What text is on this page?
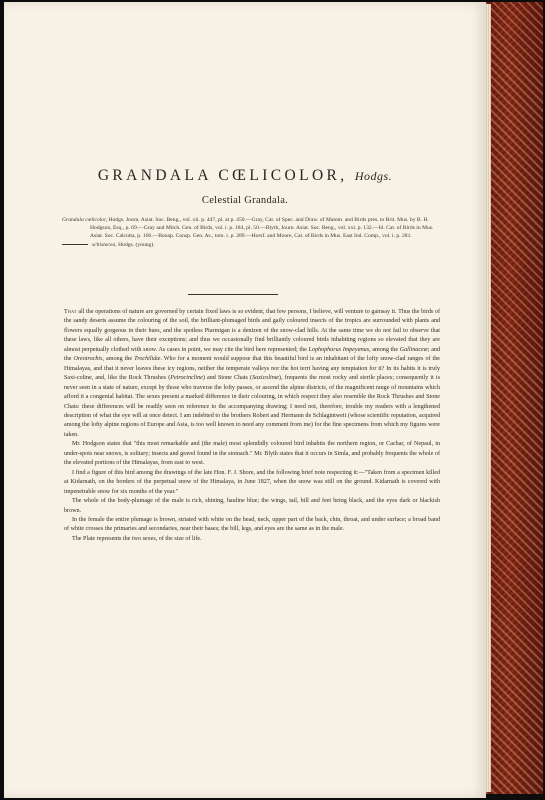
GRANDALA CŒLICOLOR, Hodgs.
Celestial Grandala.

Grandala cœlicolor, Hodgs. Journ. Asiat. Soc. Beng., vol. xii. p. 447, pl. at p. 450.—Gray, Cat. of Spec. and Draw. of Mamm. and Birds pres. to Brit. Mus. by B. H. Hodgson, Esq., p. 69.—Gray and Mitch. Gen. of Birds, vol. i. p. 184, pl. 50.—Blyth, Journ. Asiat. Soc. Beng., vol. xxi. p. 132.—Id. Cat. of Birds in Mus. Asiat. Soc. Calcutta, p. 166.—Bonap. Consp. Gen. Av., tom. i. p. 289.—Horsf. and Moore, Cat. of Birds in Mus. East Ind. Comp., vol. i. p. 281.

schistacea, Hodgs. (young).

That all the operations of nature are governed by certain fixed laws is so evident, that few persons, I believe, will venture to gainsay it. Thus the birds of the sandy deserts assume the colouring of the soil, the brilliant-plumaged birds and gaily coloured insects of the tropics are surrounded with plants and flowers equally gorgeous in their hues, and the spotless Ptarmigan is a denizen of the snow-clad hills. At the same time we do not fail to observe that these laws, like all others, have their exceptions; and thus we occasionally find brilliantly coloured birds inhabiting regions so elevated that they are almost perpetually clothed with snow. As cases in point, we may cite the bird here represented; the Lophophorus Impeyanus, among the Gallinaceæ; and the Oreotrochis, among the Trochilidæ. Who for a moment would suppose that this beautiful bird is an inhabitant of the lofty snow-clad ranges of the Himalayas, and that it never leaves these icy regions, neither the temperate valleys nor the hot terri having any temptation for it? In its habits it is truly Saxi-coline, and, like the Rock Thrushes (Petrocincline) and Stone Chats (Saxicolinæ), frequents the most rocky and sterile places; consequently it is never seen in a state of nature, except by those who traverse the lofty passes, or ascend the alpine districts, of the magnificent range of mountains which afford it a congenial habitat. The sexes present a marked difference in their colouring, in which respect they also resemble the Rock Thrushes and Stone Chats: these differences will be readily seen on reference to the accompanying drawing; I need not, therefore, trouble my readers with a lengthened description of what the eye will at once detect. I am indebted to the brothers Robert and Hermann de Schlagintweit (whose scientific reputation, acquired among the lofty alpine regions of Europe and Asia, is too well known to need any comment from me) for the fine specimens from which my figures were taken.

Mr. Hodgson states that "this most remarkable and (the male) most splendidly coloured bird inhabits the northern region, or Cachar, of Nepaul, in under-spots near snows, is solitary; insects and gravel found in the stomach." Mr. Blyth states that it occurs in Simla, and probably frequents the whole of the elevated portions of the Himalayas, from east to west.

I find a figure of this bird among the drawings of the late Hon. F. J. Shore, and the following brief note respecting it:—"Taken from a specimen killed at Kidarnath, on the borders of the perpetual snow of the Himalaya, in June 1827, when the snow was still on the ground. Kidarnath is covered with impenetrable snow for six months of the year."

The whole of the body-plumage of the male is rich, shining, hauline blue; the wings, tail, bill and feet being black, and the eyes dark or blackish brown.

In the female the entire plumage is brown, striated with white on the head, neck, upper part of the back, chin, throat, and under surface; a broad band of white crosses the primaries and secondaries, near their bases; the bill, legs, and eyes are the same as in the male.

The Plate represents the two sexes, of the size of life.
